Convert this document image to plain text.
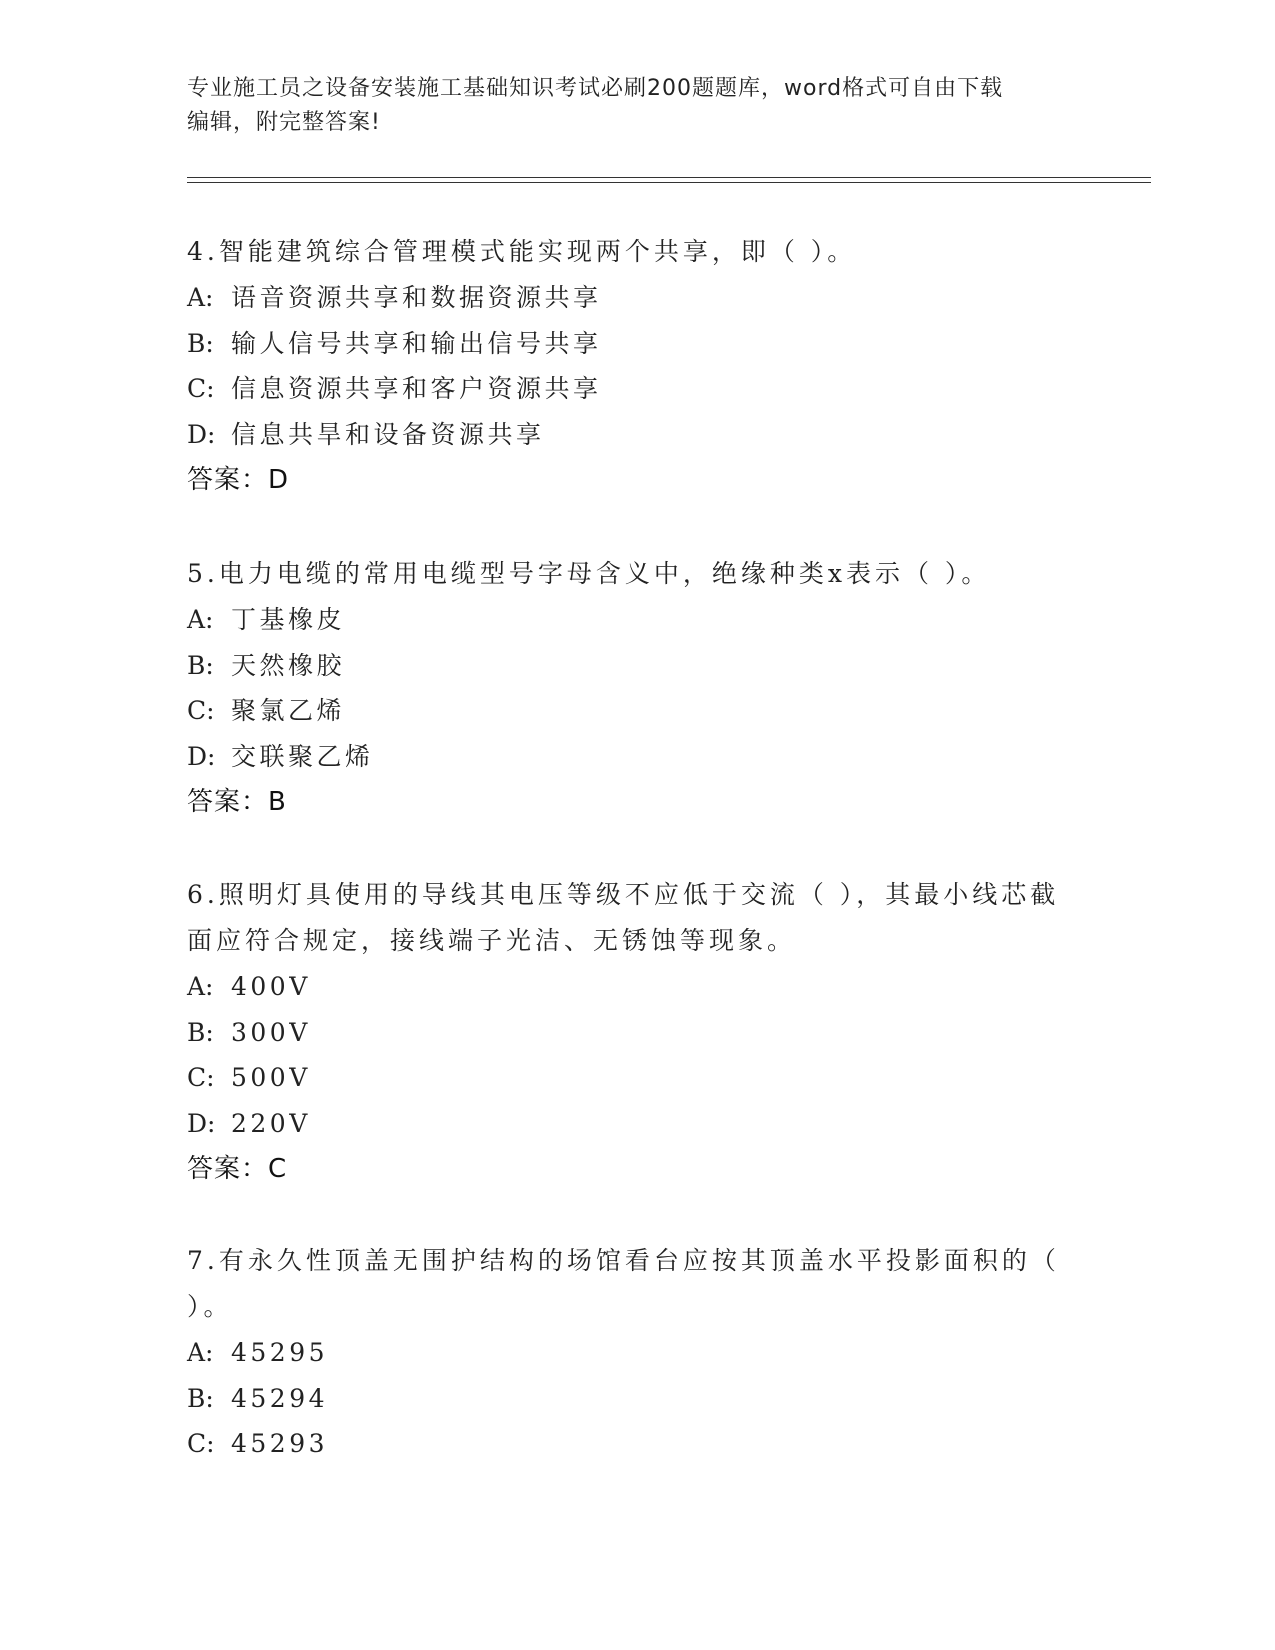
专业施工员之设备安装施工基础知识考试必刷200题题库，word格式可自由下载
编辑，附完整答案!

4.智能建筑综合管理模式能实现两个共享，即（ ）。

A: 语音资源共享和数据资源共享

B: 输人信号共享和输出信号共享

C: 信息资源共享和客户资源共享

D: 信息共旱和设备资源共享

答案：D

5.电力电缆的常用电缆型号字母含义中，绝缘种类x表示（ ）。

A: 丁基橡皮

B: 天然橡胶

C: 聚氯乙烯

D: 交联聚乙烯

答案：B

6.照明灯具使用的导线其电压等级不应低于交流（ ），其最小线芯截面应符合规定，接线端子光洁、无锈蚀等现象。

A: 400V

B: 300V

C: 500V

D: 220V

答案：C

7.有永久性顶盖无围护结构的场馆看台应按其顶盖水平投影面积的（ ）。

A: 45295

B: 45294

C: 45293
